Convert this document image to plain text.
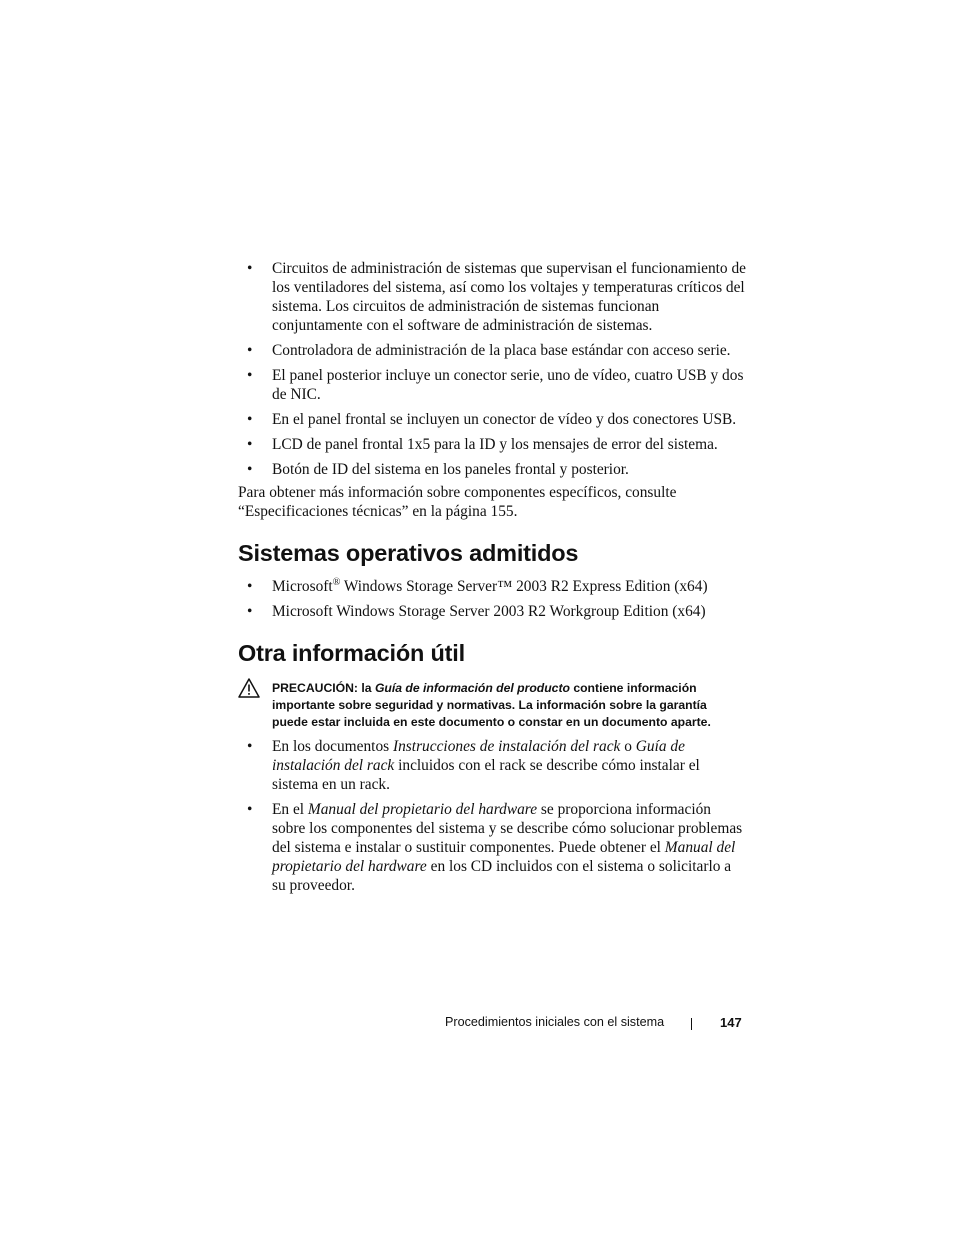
• Circuitos de administración de sistemas que supervisan el funcionamiento de los ventiladores del sistema, así como los voltajes y temperaturas críticos del sistema. Los circuitos de administración de sistemas funcionan conjuntamente con el software de administración de sistemas.
• Controladora de administración de la placa base estándar con acceso serie.
• El panel posterior incluye un conector serie, uno de vídeo, cuatro USB y dos de NIC.
• En el panel frontal se incluyen un conector de vídeo y dos conectores USB.
• LCD de panel frontal 1x5 para la ID y los mensajes de error del sistema.
• Botón de ID del sistema en los paneles frontal y posterior.

Para obtener más información sobre componentes específicos, consulte “Especificaciones técnicas” en la página 155.

Sistemas operativos admitidos
• Microsoft® Windows Storage Server™ 2003 R2 Express Edition (x64)
• Microsoft Windows Storage Server 2003 R2 Workgroup Edition (x64)
Otra información útil
PRECAUCIÓN: la Guía de información del producto contiene información importante sobre seguridad y normativas. La información sobre la garantía puede estar incluida en este documento o constar en un documento aparte.
• En los documentos Instrucciones de instalación del rack o Guía de instalación del rack incluidos con el rack se describe cómo instalar el sistema en un rack.
• En el Manual del propietario del hardware se proporciona información sobre los componentes del sistema y se describe cómo solucionar problemas del sistema e instalar o sustituir componentes. Puede obtener el Manual del propietario del hardware en los CD incluidos con el sistema o solicitarlo a su proveedor.
Procedimientos iniciales con el sistema	147
